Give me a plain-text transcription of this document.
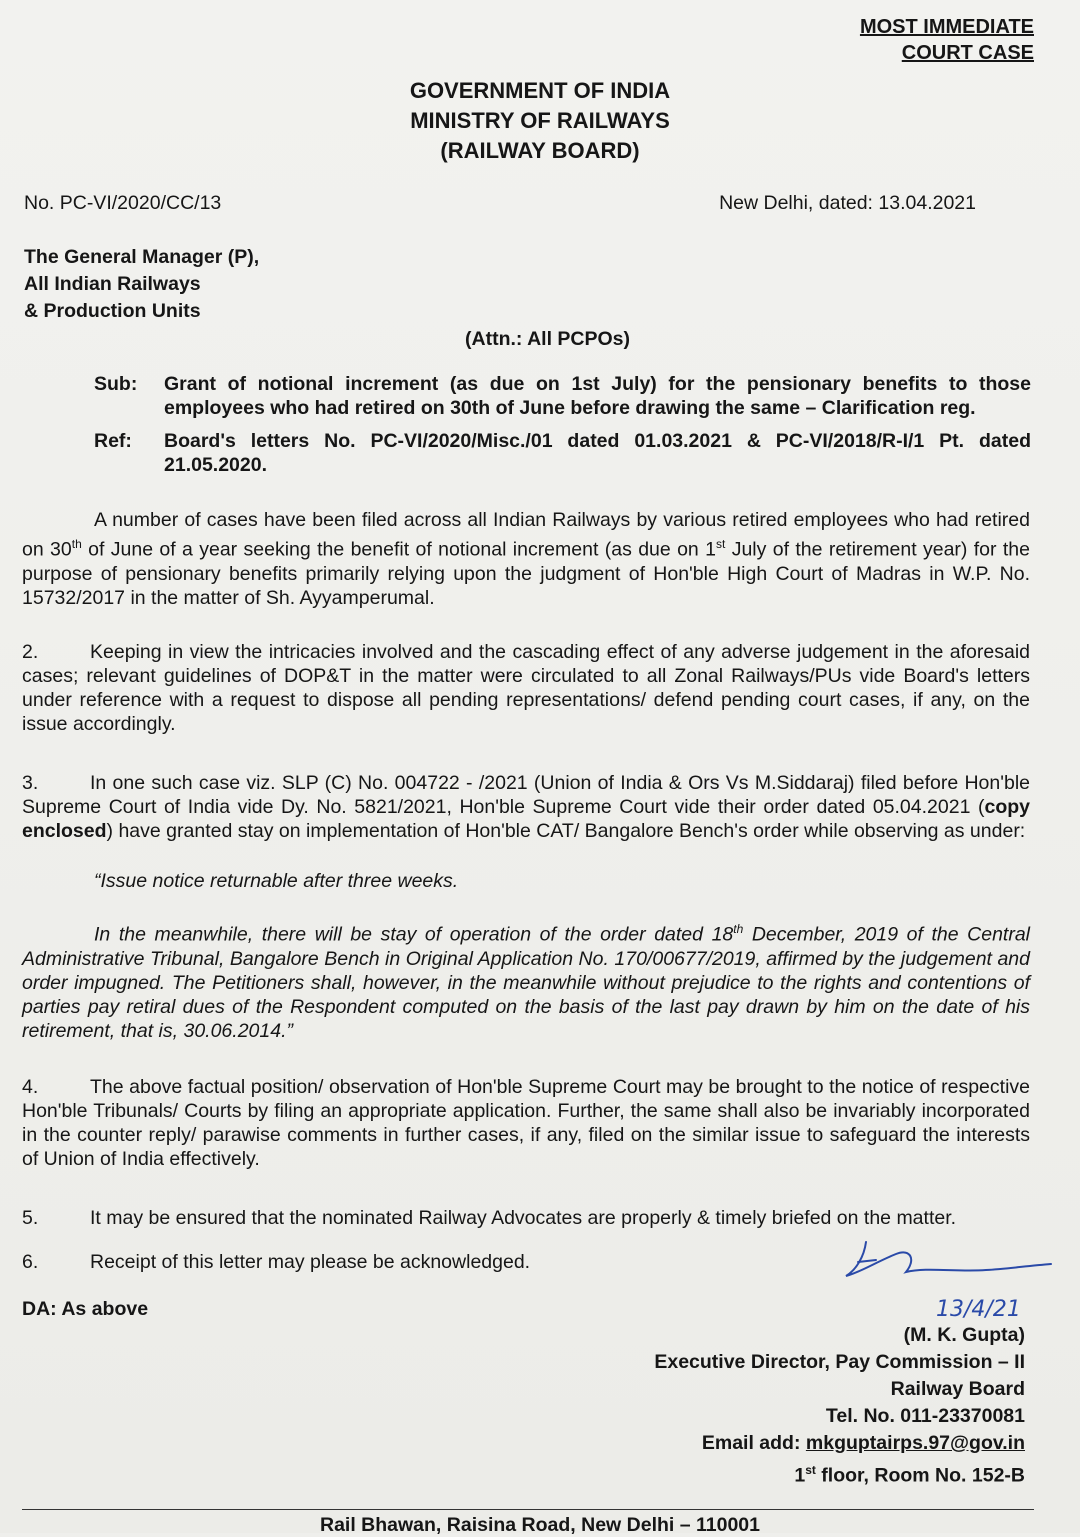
MOST IMMEDIATE
COURT CASE
GOVERNMENT OF INDIA
MINISTRY OF RAILWAYS
(RAILWAY BOARD)
No. PC-VI/2020/CC/13	New Delhi, dated: 13.04.2021
The General Manager (P),
All Indian Railways
& Production Units
(Attn.: All PCPOs)
Sub:	Grant of notional increment (as due on 1st July) for the pensionary benefits to those employees who had retired on 30th of June before drawing the same – Clarification reg.
Ref:	Board's letters No. PC-VI/2020/Misc./01 dated 01.03.2021 & PC-VI/2018/R-I/1 Pt. dated 21.05.2020.
A number of cases have been filed across all Indian Railways by various retired employees who had retired on 30th of June of a year seeking the benefit of notional increment (as due on 1st July of the retirement year) for the purpose of pensionary benefits primarily relying upon the judgment of Hon'ble High Court of Madras in W.P. No. 15732/2017 in the matter of Sh. Ayyamperumal.
2.	Keeping in view the intricacies involved and the cascading effect of any adverse judgement in the aforesaid cases; relevant guidelines of DOP&T in the matter were circulated to all Zonal Railways/PUs vide Board's letters under reference with a request to dispose all pending representations/ defend pending court cases, if any, on the issue accordingly.
3.	In one such case viz. SLP (C) No. 004722 - /2021 (Union of India & Ors Vs M.Siddaraj) filed before Hon'ble Supreme Court of India vide Dy. No. 5821/2021, Hon'ble Supreme Court vide their order dated 05.04.2021 (copy enclosed) have granted stay on implementation of Hon'ble CAT/ Bangalore Bench's order while observing as under:
“Issue notice returnable after three weeks.
In the meanwhile, there will be stay of operation of the order dated 18th December, 2019 of the Central Administrative Tribunal, Bangalore Bench in Original Application No. 170/00677/2019, affirmed by the judgement and order impugned. The Petitioners shall, however, in the meanwhile without prejudice to the rights and contentions of parties pay retiral dues of the Respondent computed on the basis of the last pay drawn by him on the date of his retirement, that is, 30.06.2014.”
4.	The above factual position/ observation of Hon'ble Supreme Court may be brought to the notice of respective Hon'ble Tribunals/ Courts by filing an appropriate application. Further, the same shall also be invariably incorporated in the counter reply/ parawise comments in further cases, if any, filed on the similar issue to safeguard the interests of Union of India effectively.
5.	It may be ensured that the nominated Railway Advocates are properly & timely briefed on the matter.
6.	Receipt of this letter may please be acknowledged.
DA: As above	13/4/21
(M. K. Gupta)
Executive Director, Pay Commission – II
Railway Board
Tel. No. 011-23370081
Email add: mkguptairps.97@gov.in
1st floor, Room No. 152-B
Rail Bhawan, Raisina Road, New Delhi – 110001
